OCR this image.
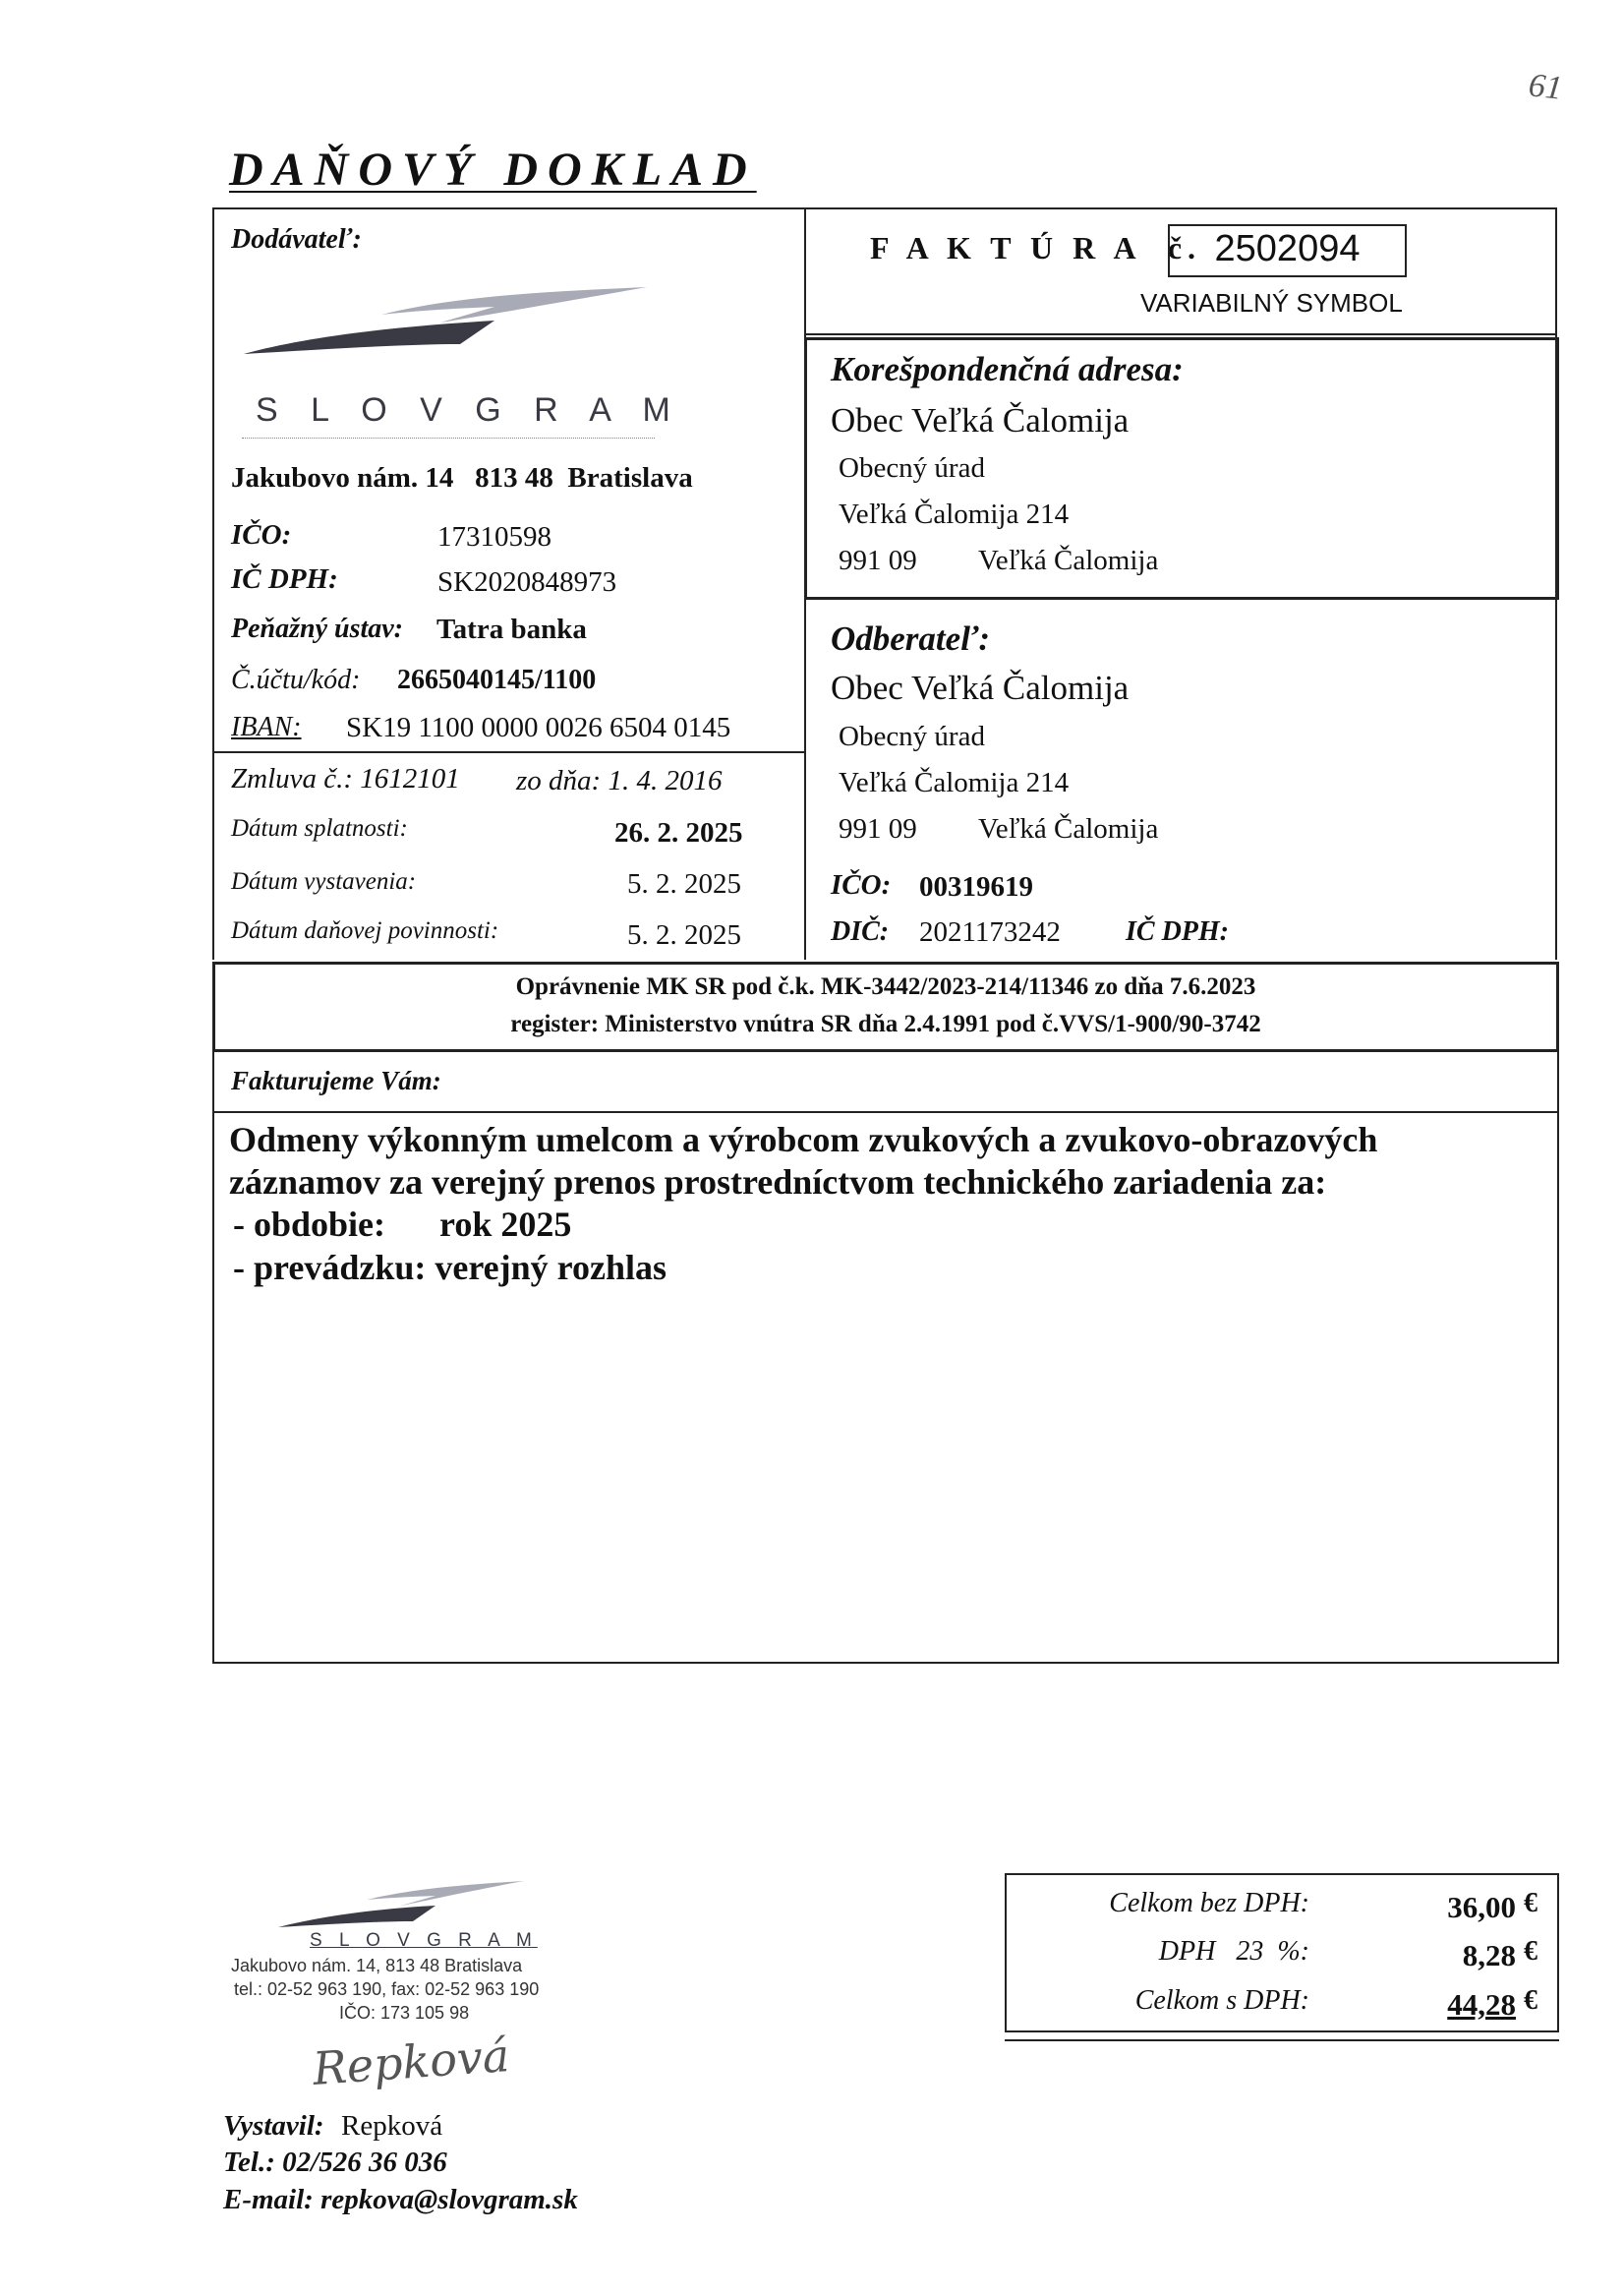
61
DAŇOVÝ DOKLAD
Dodávateľ:
S L O V G R A M
Jakubovo nám. 14   813 48  Bratislava
IČO:	17310598
IČ DPH:	SK2020848973
Peňažný ústav: Tatra banka
Č.účtu/kód: 2665040145/1100
IBAN: SK19 1100 0000 0026 6504 0145
Zmluva č.: 1612101 zo dňa: 1. 4. 2016
Dátum splatnosti:	26. 2. 2025
Dátum vystavenia:	5. 2. 2025
Dátum daňovej povinnosti:	5. 2. 2025
F A K T Ú R A  č. 2502094
VARIABILNÝ SYMBOL
Korešpondenčná adresa:
Obec Veľká Čalomija
Obecný úrad
Veľká Čalomija 214
991 09 Veľká Čalomija
Odberateľ:
Obec Veľká Čalomija
Obecný úrad
Veľká Čalomija 214
991 09 Veľká Čalomija
IČO: 00319619
DIČ: 2021173242 IČ DPH:
Oprávnenie MK SR pod č.k. MK-3442/2023-214/11346 zo dňa 7.6.2023
register: Ministerstvo vnútra SR dňa 2.4.1991 pod č.VVS/1-900/90-3742
Fakturujeme Vám:
Odmeny výkonným umelcom a výrobcom zvukových a zvukovo-obrazových
záznamov za verejný prenos prostredníctvom technického zariadenia za:
- obdobie: rok 2025
- prevádzku: verejný rozhlas
S L O V G R A M
Jakubovo nám. 14, 813 48 Bratislava
tel.: 02-52 963 190, fax: 02-52 963 190
IČO: 173 105 98
Repková
Vystavil: Repková
Tel.: 02/526 36 036
E-mail: repkova@slovgram.sk
Celkom bez DPH:	36,00 €
DPH   23  %:	8,28 €
Celkom s DPH:	44,28 €
